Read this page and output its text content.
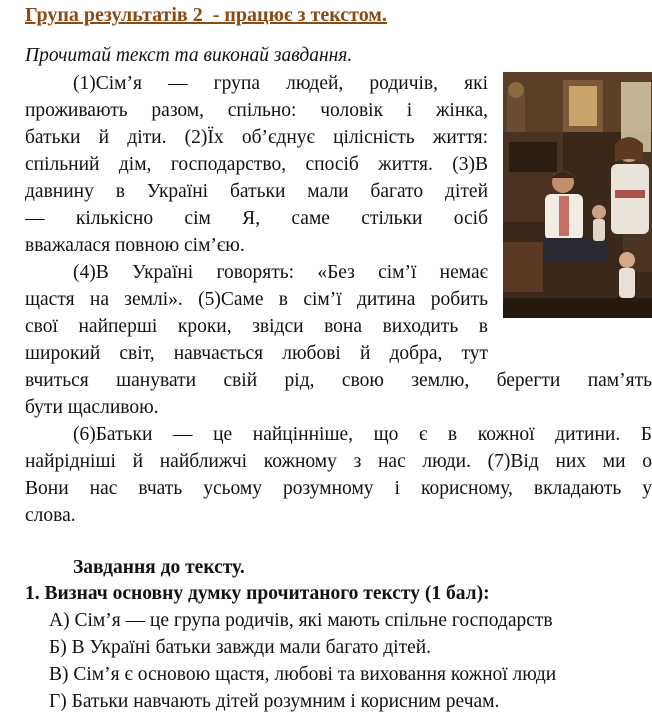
Група результатів 2  - працює з текстом.
Прочитай текст та виконай завдання.
(1)Сім’я — група людей, родичів, які
проживають разом, спільно: чоловік і жінка,
батьки й діти. (2)Їх об’єднує цілісність життя:
спільний дім, господарство, спосіб життя. (3)В
давнину в Україні батьки мали багато дітей
— кількісно сім Я, саме стільки осіб
вважалася повною сім’єю.
(4)В Україні говорять: «Без сім’ї немає
щастя на землі». (5)Саме в сім’ї дитина робить
свої найперші кроки, звідси вона виходить в
широкий світ, навчається любові й добра, тут
вчиться шанувати свій рід, свою землю, берегти пам’ять
бути щасливою.
(6)Батьки — це найцінніше, що є в кожної дитини. Б
найрідніші й найближчі кожному з нас люди. (7)Від них ми о
Вони нас вчать усьому розумному і корисному, вкладають у
слова.
Завдання до тексту.
1. Визнач основну думку прочитаного тексту (1 бал):
А) Сім’я — це група родичів, які мають спільне господарств
Б) В Україні батьки завжди мали багато дітей.
В) Сім’я є основою щастя, любові та виховання кожної люди
Г) Батьки навчають дітей розумним і корисним речам.
